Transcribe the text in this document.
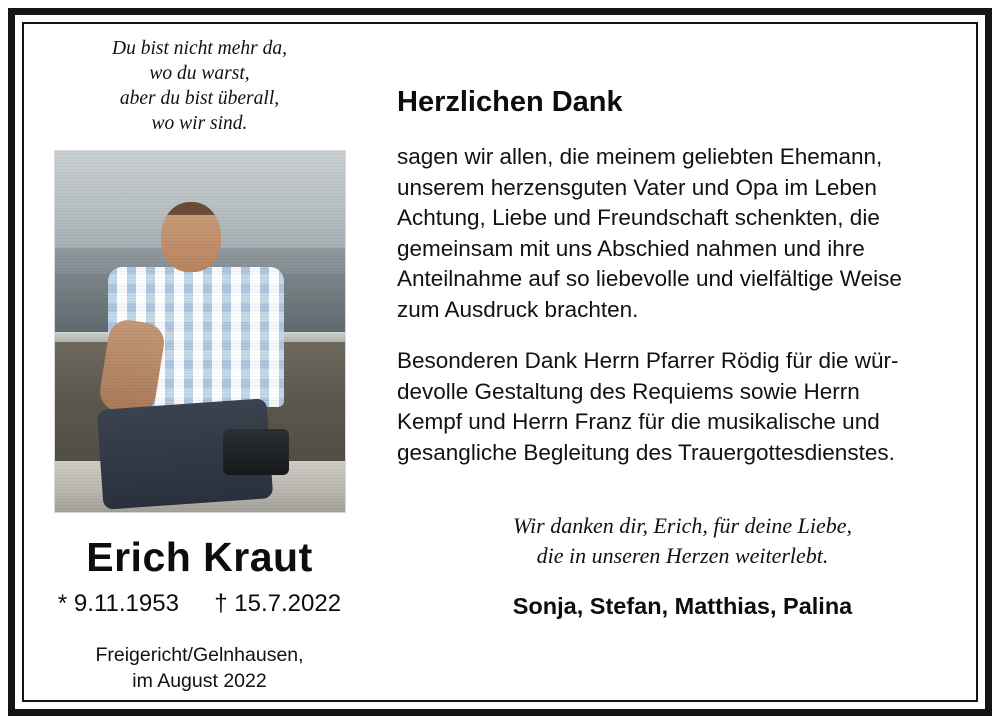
Du bist nicht mehr da,
wo du warst,
aber du bist überall,
wo wir sind.
Erich Kraut
* 9.11.1953 † 15.7.2022
Freigericht/Gelnhausen,
im August 2022
Herzlichen Dank
sagen wir allen, die meinem geliebten Ehemann,
unserem herzensguten Vater und Opa im Leben
Achtung, Liebe und Freundschaft schenkten, die
gemeinsam mit uns Abschied nahmen und ihre
Anteilnahme auf so liebevolle und vielfältige Weise
zum Ausdruck brachten.
Besonderen Dank Herrn Pfarrer Rödig für die wür-
devolle Gestaltung des Requiems sowie Herrn
Kempf und Herrn Franz für die musikalische und
gesangliche Begleitung des Trauergottesdienstes.
Wir danken dir, Erich, für deine Liebe,
die in unseren Herzen weiterlebt.
Sonja, Stefan, Matthias, Palina
